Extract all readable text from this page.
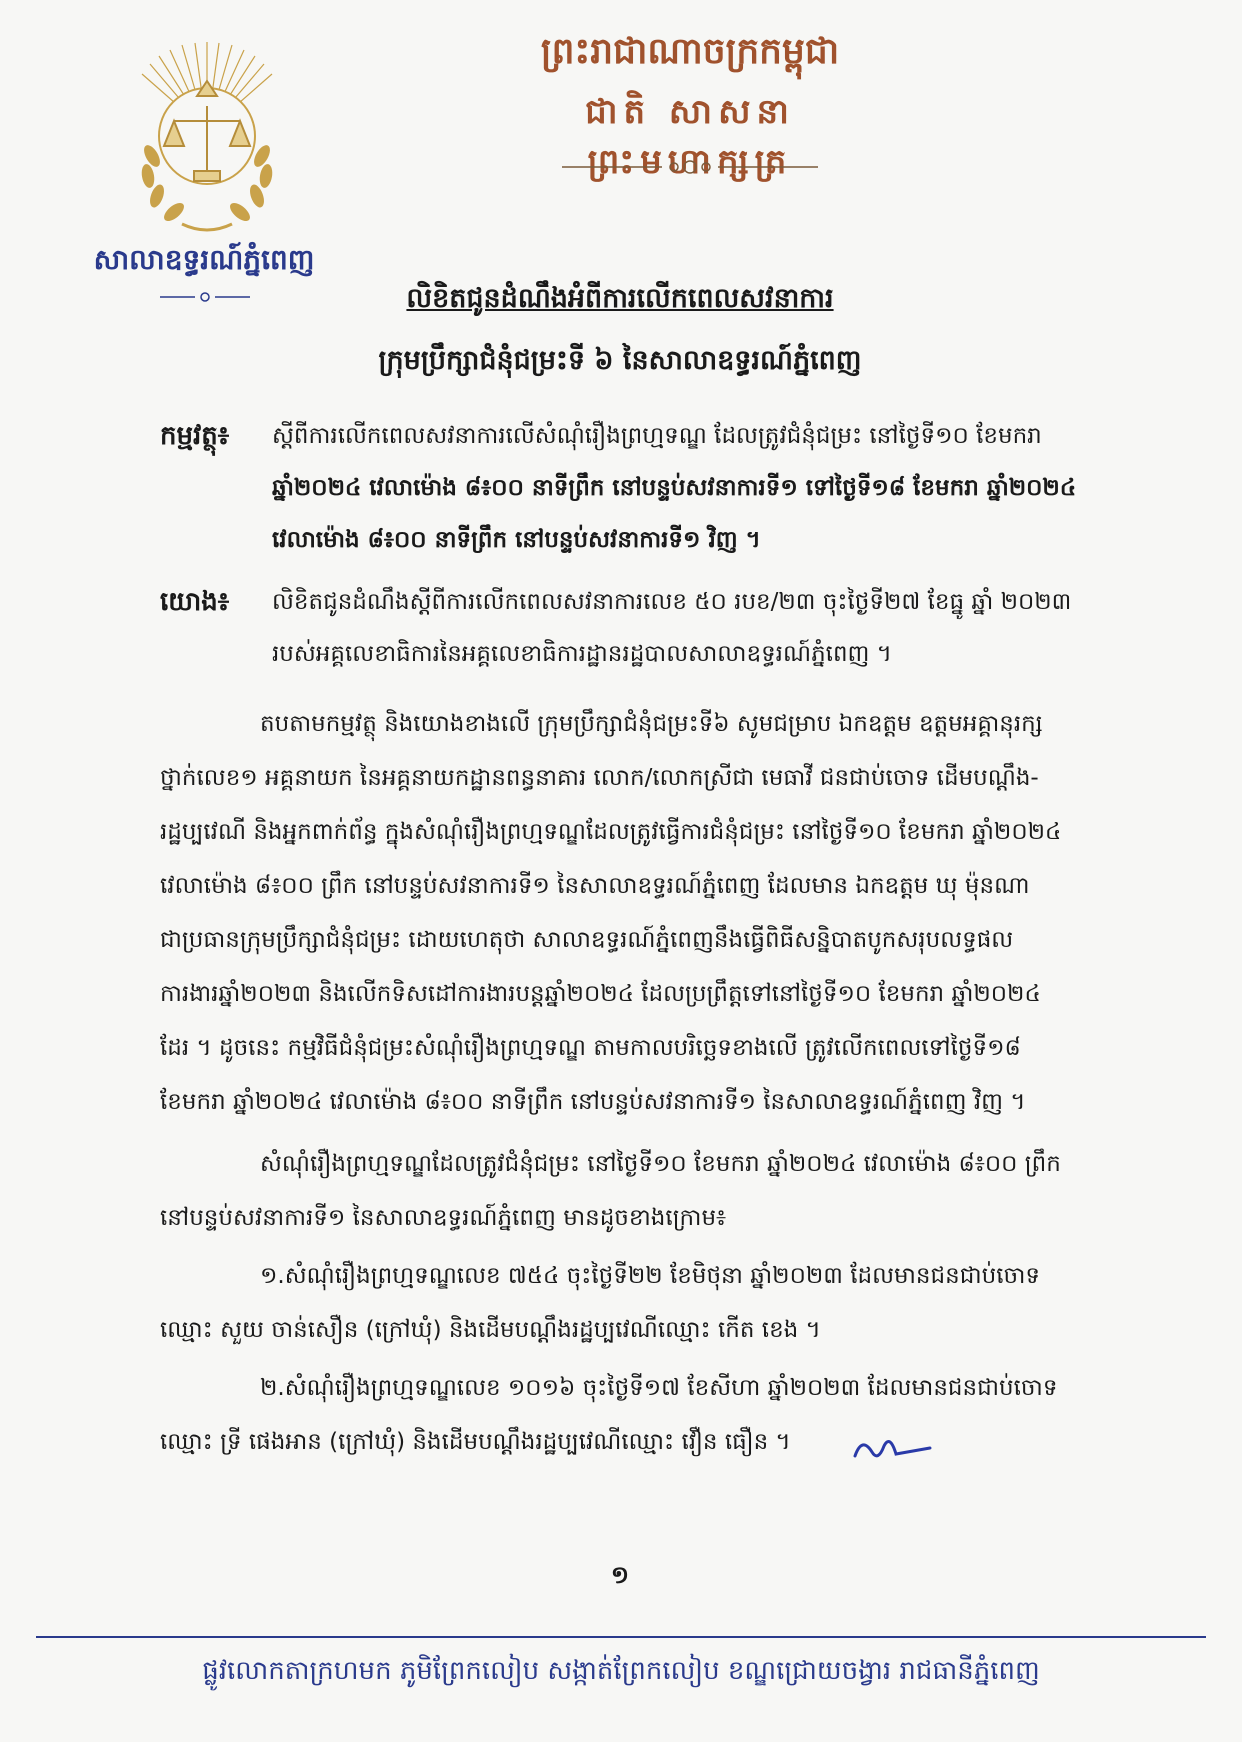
សាលាឧទ្ធរណ៍ភ្នំពេញ
ព្រះរាជាណាចក្រកម្ពុជា
ជាតិ សាសនា ព្រះមហាក្សត្រ
លិខិតជូនដំណឹងអំពីការលើកពេលសវនាការ
ក្រុមប្រឹក្សាជំនុំជម្រះទី ៦ នៃសាលាឧទ្ធរណ៍ភ្នំពេញ
កម្មវត្ថុ៖ ស្តីពីការលើកពេលសវនាការលើសំណុំរឿងព្រហ្មទណ្ឌ ដែលត្រូវជំនុំជម្រះ នៅថ្ងៃទី១០ ខែមករា
ឆ្នាំ២០២៤ វេលាម៉ោង ៨៖០០ នាទីព្រឹក នៅបន្ទប់សវនាការទី១ ទៅថ្ងៃទី១៨ ខែមករា ឆ្នាំ២០២៤
វេលាម៉ោង ៨៖០០ នាទីព្រឹក នៅបន្ទប់សវនាការទី១ វិញ ។
យោង៖ លិខិតជូនដំណឹងស្តីពីការលើកពេលសវនាការលេខ ៥០ របខ/២៣ ចុះថ្ងៃទី២៧ ខែធ្នូ ឆ្នាំ ២០២៣
របស់អគ្គលេខាធិការនៃអគ្គលេខាធិការដ្ឋានរដ្ឋបាលសាលាឧទ្ធរណ៍ភ្នំពេញ ។
តបតាមកម្មវត្ថុ និងយោងខាងលើ ក្រុមប្រឹក្សាជំនុំជម្រះទី៦ សូមជម្រាប ឯកឧត្តម ឧត្តមអគ្គានុរក្ស
ថ្នាក់លេខ១ អគ្គនាយក នៃអគ្គនាយកដ្ឋានពន្ធនាគារ លោក/លោកស្រីជា មេធាវី ជនជាប់ចោទ ដើមបណ្តឹង-
រដ្ឋប្បវេណី និងអ្នកពាក់ព័ន្ធ ក្នុងសំណុំរឿងព្រហ្មទណ្ឌដែលត្រូវធ្វើការជំនុំជម្រះ នៅថ្ងៃទី១០ ខែមករា ឆ្នាំ២០២៤
វេលាម៉ោង ៨៖០០ ព្រឹក នៅបន្ទប់សវនាការទី១ នៃសាលាឧទ្ធរណ៍ភ្នំពេញ ដែលមាន ឯកឧត្តម ឃុ ម៉ុនណា
ជាប្រធានក្រុមប្រឹក្សាជំនុំជម្រះ ដោយហេតុថា សាលាឧទ្ធរណ៍ភ្នំពេញនឹងធ្វើពិធីសន្និបាតបូកសរុបលទ្ធផល
ការងារឆ្នាំ២០២៣ និងលើកទិសដៅការងារបន្តឆ្នាំ២០២៤ ដែលប្រព្រឹត្តទៅនៅថ្ងៃទី១០ ខែមករា ឆ្នាំ២០២៤
ដែរ ។ ដូចនេះ កម្មវិធីជំនុំជម្រះសំណុំរឿងព្រហ្មទណ្ឌ តាមកាលបរិច្ឆេទខាងលើ ត្រូវលើកពេលទៅថ្ងៃទី១៨
ខែមករា ឆ្នាំ២០២៤ វេលាម៉ោង ៨៖០០ នាទីព្រឹក នៅបន្ទប់សវនាការទី១ នៃសាលាឧទ្ធរណ៍ភ្នំពេញ វិញ ។
សំណុំរឿងព្រហ្មទណ្ឌដែលត្រូវជំនុំជម្រះ នៅថ្ងៃទី១០ ខែមករា ឆ្នាំ២០២៤ វេលាម៉ោង ៨៖០០ ព្រឹក
នៅបន្ទប់សវនាការទី១ នៃសាលាឧទ្ធរណ៍ភ្នំពេញ មានដូចខាងក្រោម៖
១.សំណុំរឿងព្រហ្មទណ្ឌលេខ ៧៥៤ ចុះថ្ងៃទី២២ ខែមិថុនា ឆ្នាំ២០២៣ ដែលមានជនជាប់ចោទ
ឈ្មោះ សួយ ចាន់សឿន (ក្រៅឃុំ) និងដើមបណ្តឹងរដ្ឋប្បវេណីឈ្មោះ កើត ខេង ។
២.សំណុំរឿងព្រហ្មទណ្ឌលេខ ១០១៦ ចុះថ្ងៃទី១៧ ខែសីហា ឆ្នាំ២០២៣ ដែលមានជនជាប់ចោទ
ឈ្មោះ ទ្រី ផេងអាន (ក្រៅឃុំ) និងដើមបណ្តឹងរដ្ឋប្បវេណីឈ្មោះ វឿន ធឿន ។
១
ផ្លូវលោកតាក្រហមក ភូមិព្រែកលៀប សង្កាត់ព្រែកលៀប ខណ្ឌជ្រោយចង្វារ រាជធានីភ្នំពេញ
